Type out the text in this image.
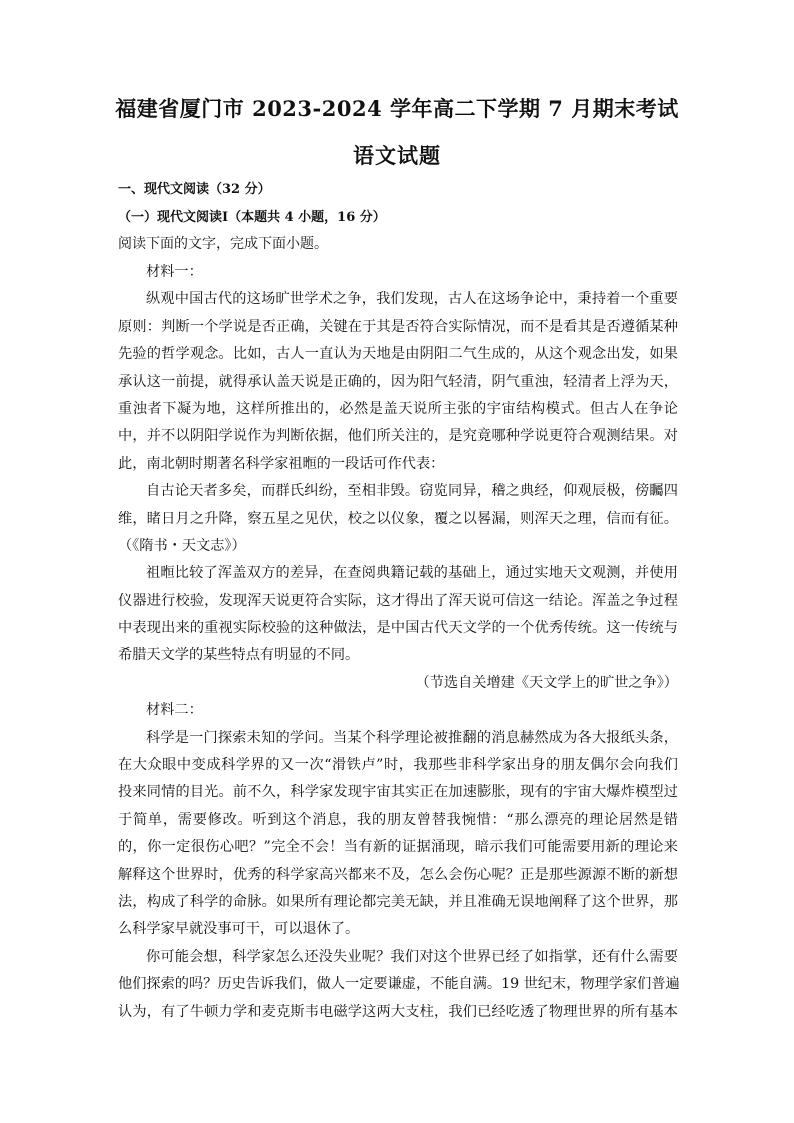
福建省厦门市 2023-2024 学年高二下学期 7 月期末考试
语文试题
一、现代文阅读（32 分）
（一）现代文阅读Ⅰ（本题共 4 小题，16 分）
阅读下面的文字，完成下面小题。
材料一：
纵观中国古代的这场旷世学术之争，我们发现，古人在这场争论中，秉持着一个重要
原则：判断一个学说是否正确，关键在于其是否符合实际情况，而不是看其是否遵循某种
先验的哲学观念。比如，古人一直认为天地是由阴阳二气生成的，从这个观念出发，如果
承认这一前提，就得承认盖天说是正确的，因为阳气轻清，阴气重浊，轻清者上浮为天，
重浊者下凝为地，这样所推出的，必然是盖天说所主张的宇宙结构模式。但古人在争论
中，并不以阴阳学说作为判断依据，他们所关注的，是究竟哪种学说更符合观测结果。对
此，南北朝时期著名科学家祖暅的一段话可作代表：
自古论天者多矣，而群氏纠纷，至相非毁。窃览同异，稽之典经，仰观辰极，傍矚四
维，睹日月之升降，察五星之见伏，校之以仪象，覆之以晷漏，则浑天之理，信而有征。
（《隋书・天文志》）
祖暅比较了浑盖双方的差异，在查阅典籍记载的基础上，通过实地天文观测，并使用
仪器进行校验，发现浑天说更符合实际，这才得出了浑天说可信这一结论。浑盖之争过程
中表现出来的重视实际校验的这种做法，是中国古代天文学的一个优秀传统。这一传统与
希腊天文学的某些特点有明显的不同。
（节选自关增建《天文学上的旷世之争》）
材料二：
科学是一门探索未知的学问。当某个科学理论被推翻的消息赫然成为各大报纸头条，
在大众眼中变成科学界的又一次“滑铁卢”时，我那些非科学家出身的朋友偶尔会向我们
投来同情的目光。前不久，科学家发现宇宙其实正在加速膨胀，现有的宇宙大爆炸模型过
于简单，需要修改。听到这个消息，我的朋友曾替我惋惜：“那么漂亮的理论居然是错
的，你一定很伤心吧？”完全不会！当有新的证据涌现，暗示我们可能需要用新的理论来
解释这个世界时，优秀的科学家高兴都来不及，怎么会伤心呢？正是那些源源不断的新想
法，构成了科学的命脉。如果所有理论都完美无缺，并且准确无误地阐释了这个世界，那
么科学家早就没事可干，可以退休了。
你可能会想，科学家怎么还没失业呢？我们对这个世界已经了如指掌，还有什么需要
他们探索的吗？历史告诉我们，做人一定要谦虚，不能自满。19 世纪末，物理学家们普遍
认为，有了牛顿力学和麦克斯韦电磁学这两大支柱，我们已经吃透了物理世界的所有基本
